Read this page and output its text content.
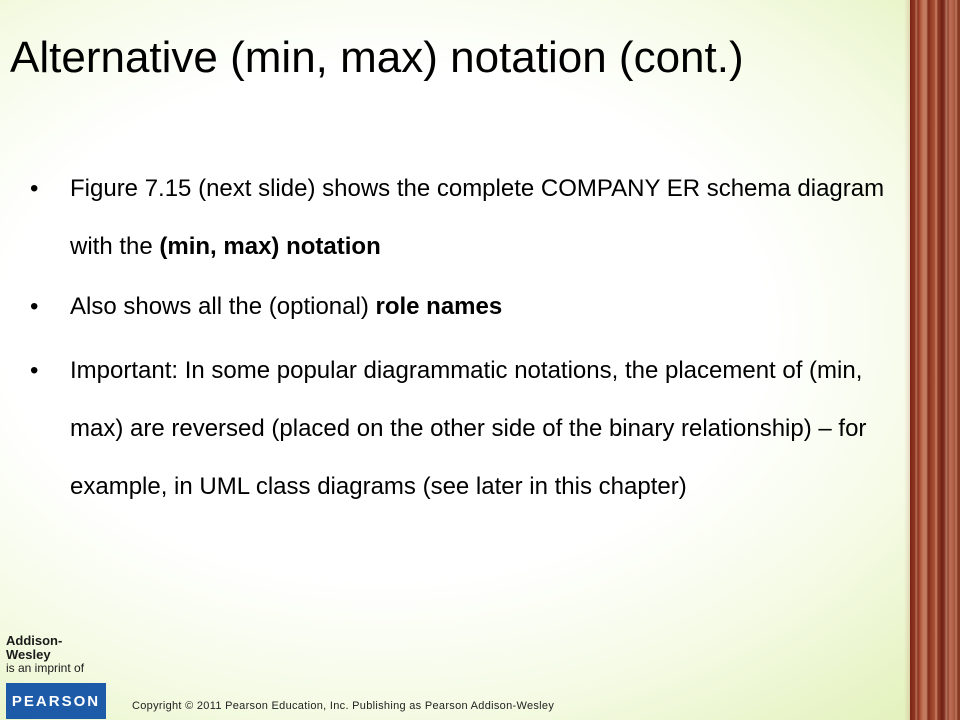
Alternative (min, max) notation (cont.)
• Figure 7.15 (next slide) shows the complete COMPANY ER schema diagram with the (min, max) notation
• Also shows all the (optional) role names
• Important: In some popular diagrammatic notations, the placement of (min, max) are reversed (placed on the other side of the binary relationship) – for example, in UML class diagrams (see later in this chapter)
Addison-Wesley
is an imprint of
PEARSON	Copyright © 2011 Pearson Education, Inc. Publishing as Pearson Addison-Wesley
